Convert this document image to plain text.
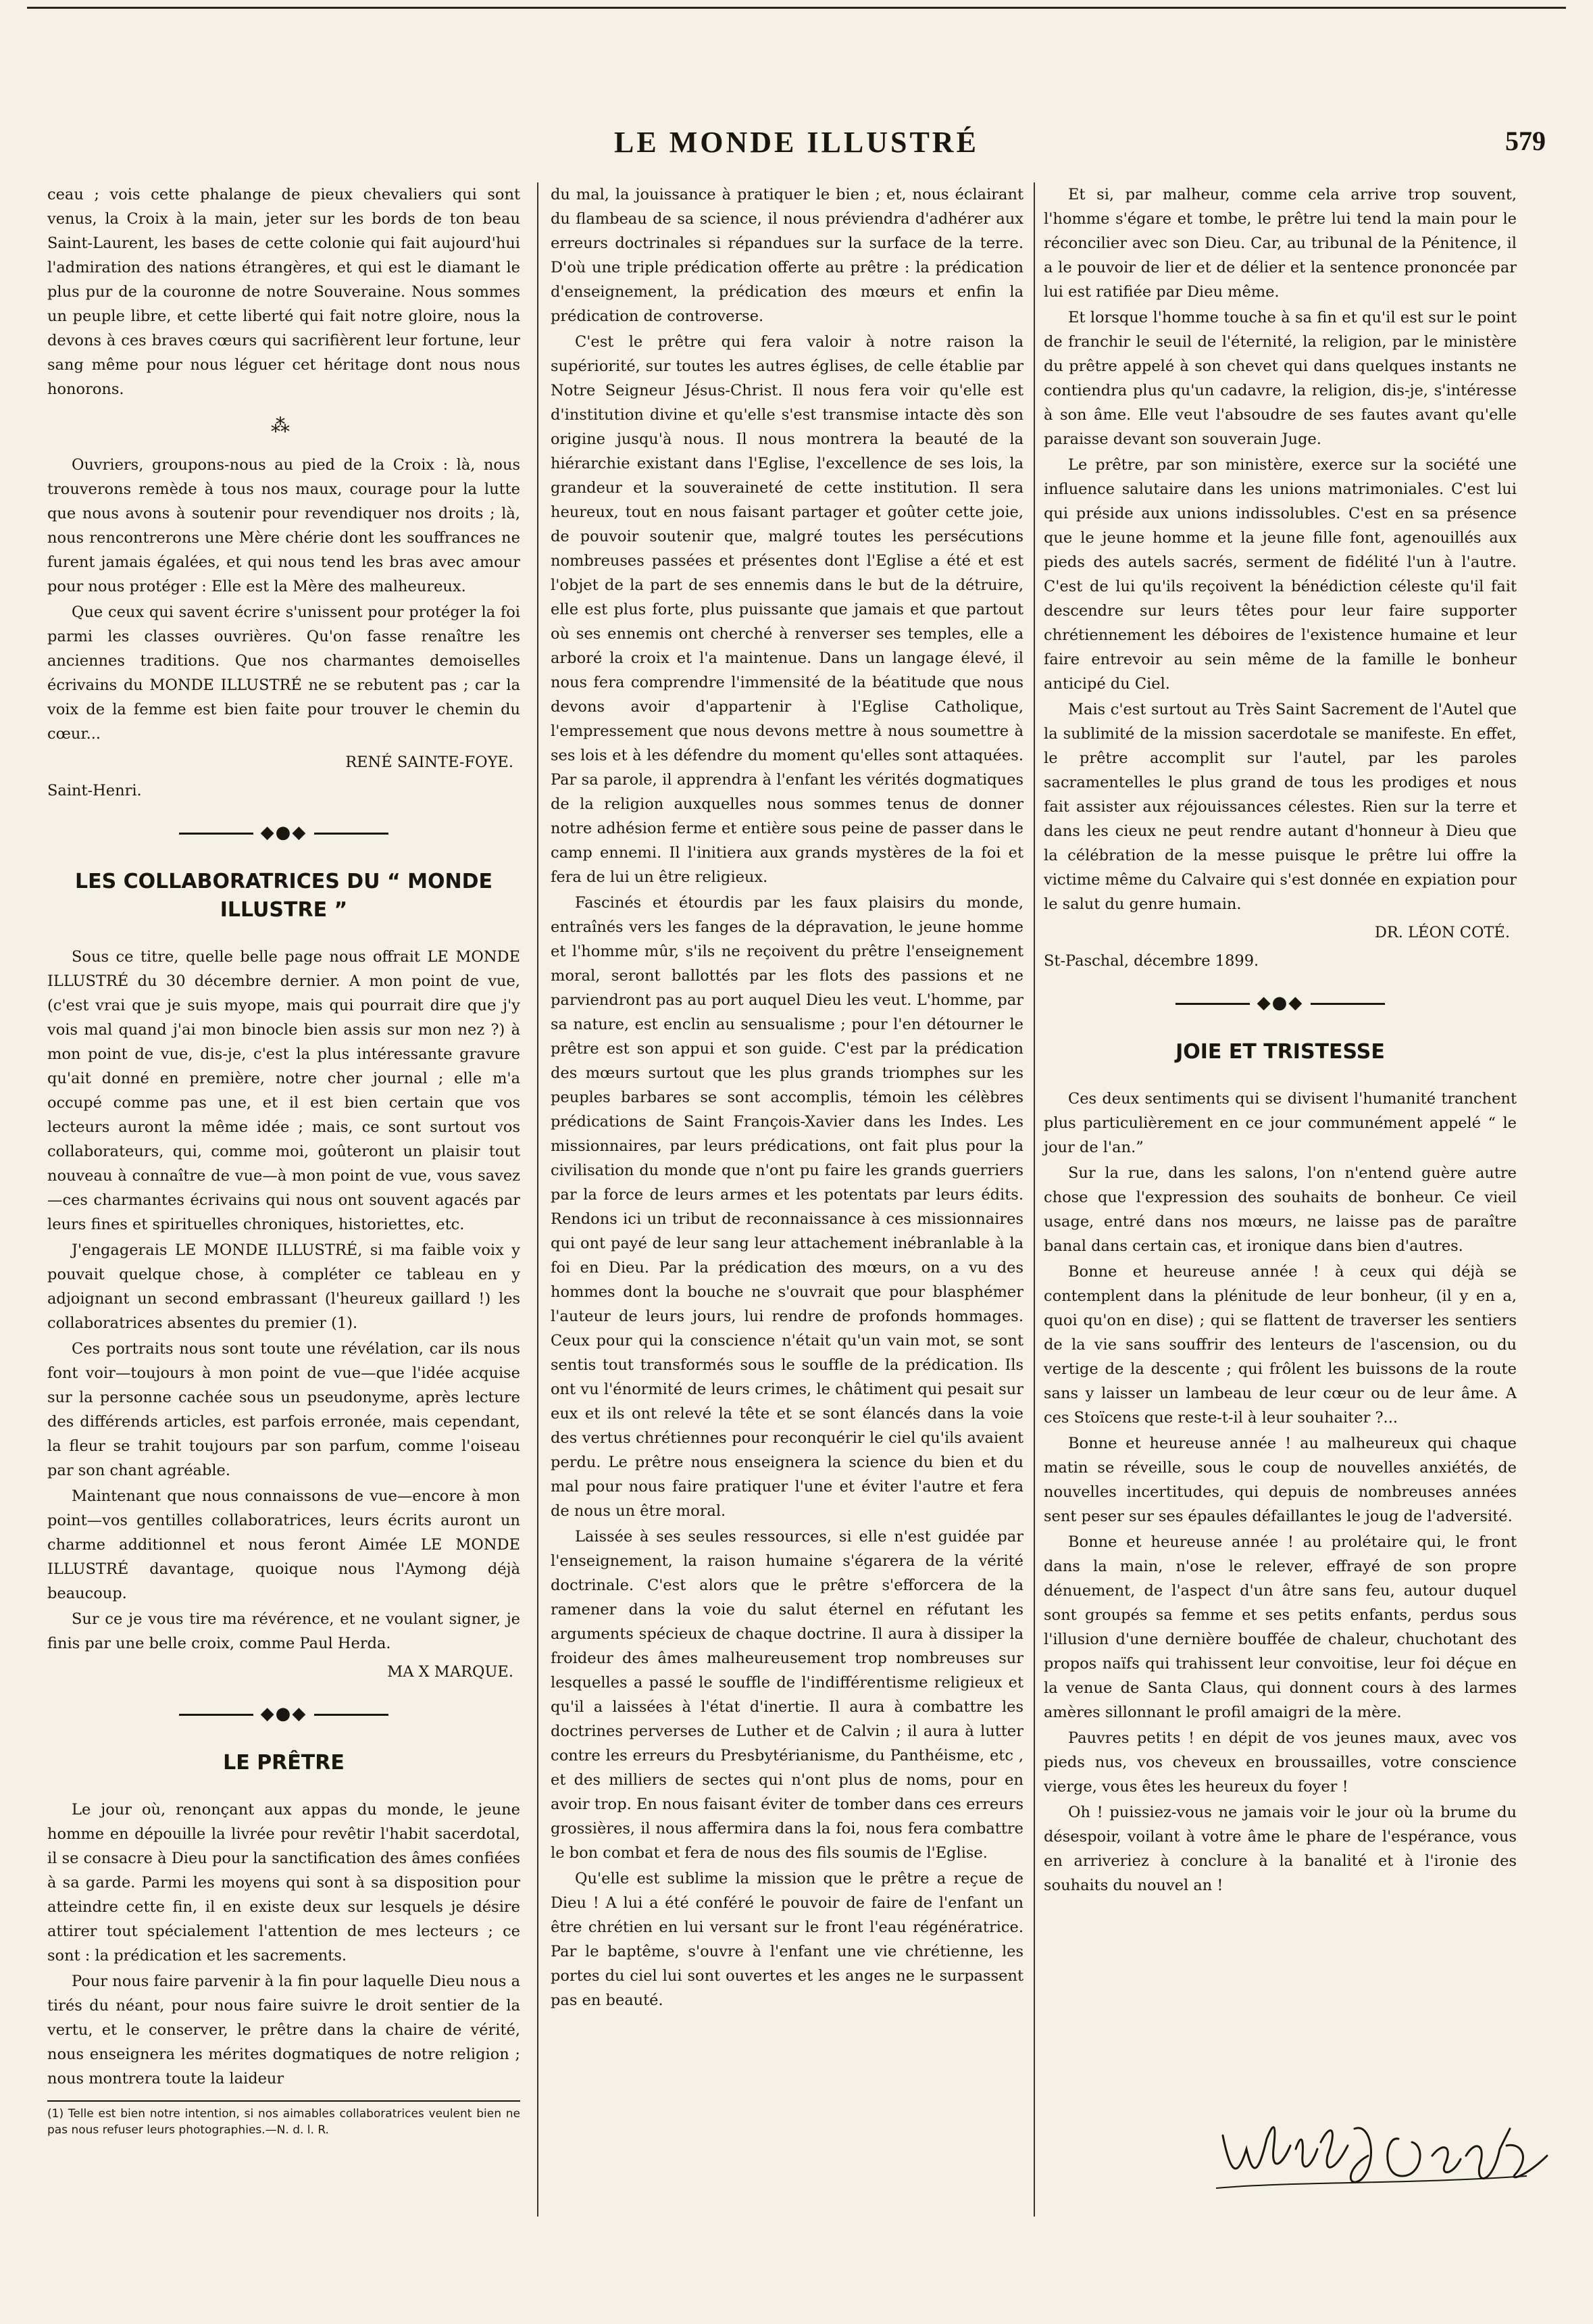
LE MONDE ILLUSTRÉ	579

ceau ; vois cette phalange de pieux chevaliers qui sont venus, la Croix à la main, jeter sur les bords de ton beau Saint-Laurent, les bases de cette colonie qui fait aujourd'hui l'admiration des nations étrangères, et qui est le diamant le plus pur de la couronne de notre Souveraine. Nous sommes un peuple libre, et cette liberté qui fait notre gloire, nous la devons à ces braves cœurs qui sacrifièrent leur fortune, leur sang même pour nous léguer cet héritage dont nous nous honorons.

⁂

Ouvriers, groupons-nous au pied de la Croix : là, nous trouverons remède à tous nos maux, courage pour la lutte que nous avons à soutenir pour revendiquer nos droits ; là, nous rencontrerons une Mère chérie dont les souffrances ne furent jamais égalées, et qui nous tend les bras avec amour pour nous protéger : Elle est la Mère des malheureux.

Que ceux qui savent écrire s'unissent pour protéger la foi parmi les classes ouvrières. Qu'on fasse renaître les anciennes traditions. Que nos charmantes demoiselles écrivains du MONDE ILLUSTRÉ ne se rebutent pas ; car la voix de la femme est bien faite pour trouver le chemin du cœur...

RENÉ SAINTE-FOYE.

Saint-Henri.

◆●◆
LES COLLABORATRICES DU “ MONDE ILLUSTRE ”

Sous ce titre, quelle belle page nous offrait LE MONDE ILLUSTRÉ du 30 décembre dernier. A mon point de vue, (c'est vrai que je suis myope, mais qui pourrait dire que j'y vois mal quand j'ai mon binocle bien assis sur mon nez ?) à mon point de vue, dis-je, c'est la plus intéressante gravure qu'ait donné en première, notre cher journal ; elle m'a occupé comme pas une, et il est bien certain que vos lecteurs auront la même idée ; mais, ce sont surtout vos collaborateurs, qui, comme moi, goûteront un plaisir tout nouveau à connaître de vue—à mon point de vue, vous savez—ces charmantes écrivains qui nous ont souvent agacés par leurs fines et spirituelles chroniques, historiettes, etc.

J'engagerais LE MONDE ILLUSTRÉ, si ma faible voix y pouvait quelque chose, à compléter ce tableau en y adjoignant un second embrassant (l'heureux gaillard !) les collaboratrices absentes du premier (1).

Ces portraits nous sont toute une révélation, car ils nous font voir—toujours à mon point de vue—que l'idée acquise sur la personne cachée sous un pseudonyme, après lecture des différends articles, est parfois erronée, mais cependant, la fleur se trahit toujours par son parfum, comme l'oiseau par son chant agréable.

Maintenant que nous connaissons de vue—encore à mon point—vos gentilles collaboratrices, leurs écrits auront un charme additionnel et nous feront Aimée LE MONDE ILLUSTRÉ davantage, quoique nous l'Aymong déjà beaucoup.

Sur ce je vous tire ma révérence, et ne voulant signer, je finis par une belle croix, comme Paul Herda.

MA X MARQUE.
◆●◆
LE PRÊTRE

Le jour où, renonçant aux appas du monde, le jeune homme en dépouille la livrée pour revêtir l'habit sacerdotal, il se consacre à Dieu pour la sanctification des âmes confiées à sa garde. Parmi les moyens qui sont à sa disposition pour atteindre cette fin, il en existe deux sur lesquels je désire attirer tout spécialement l'attention de mes lecteurs ; ce sont : la prédication et les sacrements.

Pour nous faire parvenir à la fin pour laquelle Dieu nous a tirés du néant, pour nous faire suivre le droit sentier de la vertu, et le conserver, le prêtre dans la chaire de vérité, nous enseignera les mérites dogmatiques de notre religion ; nous montrera toute la laideur

(1) Telle est bien notre intention, si nos aimables collaboratrices veulent bien ne pas nous refuser leurs photographies.—N. d. l. R.

du mal, la jouissance à pratiquer le bien ; et, nous éclairant du flambeau de sa science, il nous préviendra d'adhérer aux erreurs doctrinales si répandues sur la surface de la terre. D'où une triple prédication offerte au prêtre : la prédication d'enseignement, la prédication des mœurs et enfin la prédication de controverse.

C'est le prêtre qui fera valoir à notre raison la supériorité, sur toutes les autres églises, de celle établie par Notre Seigneur Jésus-Christ. Il nous fera voir qu'elle est d'institution divine et qu'elle s'est transmise intacte dès son origine jusqu'à nous. Il nous montrera la beauté de la hiérarchie existant dans l'Eglise, l'excellence de ses lois, la grandeur et la souveraineté de cette institution. Il sera heureux, tout en nous faisant partager et goûter cette joie, de pouvoir soutenir que, malgré toutes les persécutions nombreuses passées et présentes dont l'Eglise a été et est l'objet de la part de ses ennemis dans le but de la détruire, elle est plus forte, plus puissante que jamais et que partout où ses ennemis ont cherché à renverser ses temples, elle a arboré la croix et l'a maintenue. Dans un langage élevé, il nous fera comprendre l'immensité de la béatitude que nous devons avoir d'appartenir à l'Eglise Catholique, l'empressement que nous devons mettre à nous soumettre à ses lois et à les défendre du moment qu'elles sont attaquées. Par sa parole, il apprendra à l'enfant les vérités dogmatiques de la religion auxquelles nous sommes tenus de donner notre adhésion ferme et entière sous peine de passer dans le camp ennemi. Il l'initiera aux grands mystères de la foi et fera de lui un être religieux.

Fascinés et étourdis par les faux plaisirs du monde, entraînés vers les fanges de la dépravation, le jeune homme et l'homme mûr, s'ils ne reçoivent du prêtre l'enseignement moral, seront ballottés par les flots des passions et ne parviendront pas au port auquel Dieu les veut. L'homme, par sa nature, est enclin au sensualisme ; pour l'en détourner le prêtre est son appui et son guide. C'est par la prédication des mœurs surtout que les plus grands triomphes sur les peuples barbares se sont accomplis, témoin les célèbres prédications de Saint François-Xavier dans les Indes. Les missionnaires, par leurs prédications, ont fait plus pour la civilisation du monde que n'ont pu faire les grands guerriers par la force de leurs armes et les potentats par leurs édits. Rendons ici un tribut de reconnaissance à ces missionnaires qui ont payé de leur sang leur attachement inébranlable à la foi en Dieu. Par la prédication des mœurs, on a vu des hommes dont la bouche ne s'ouvrait que pour blasphémer l'auteur de leurs jours, lui rendre de profonds hommages. Ceux pour qui la conscience n'était qu'un vain mot, se sont sentis tout transformés sous le souffle de la prédication. Ils ont vu l'énormité de leurs crimes, le châtiment qui pesait sur eux et ils ont relevé la tête et se sont élancés dans la voie des vertus chrétiennes pour reconquérir le ciel qu'ils avaient perdu. Le prêtre nous enseignera la science du bien et du mal pour nous faire pratiquer l'une et éviter l'autre et fera de nous un être moral.

Laissée à ses seules ressources, si elle n'est guidée par l'enseignement, la raison humaine s'égarera de la vérité doctrinale. C'est alors que le prêtre s'efforcera de la ramener dans la voie du salut éternel en réfutant les arguments spécieux de chaque doctrine. Il aura à dissiper la froideur des âmes malheureusement trop nombreuses sur lesquelles a passé le souffle de l'indifférentisme religieux et qu'il a laissées à l'état d'inertie. Il aura à combattre les doctrines perverses de Luther et de Calvin ; il aura à lutter contre les erreurs du Presbytérianisme, du Panthéisme, etc , et des milliers de sectes qui n'ont plus de noms, pour en avoir trop. En nous faisant éviter de tomber dans ces erreurs grossières, il nous affermira dans la foi, nous fera combattre le bon combat et fera de nous des fils soumis de l'Eglise.

Qu'elle est sublime la mission que le prêtre a reçue de Dieu ! A lui a été conféré le pouvoir de faire de l'enfant un être chrétien en lui versant sur le front l'eau régénératrice. Par le baptême, s'ouvre à l'enfant une vie chrétienne, les portes du ciel lui sont ouvertes et les anges ne le surpassent pas en beauté.

Et si, par malheur, comme cela arrive trop souvent, l'homme s'égare et tombe, le prêtre lui tend la main pour le réconcilier avec son Dieu. Car, au tribunal de la Pénitence, il a le pouvoir de lier et de délier et la sentence prononcée par lui est ratifiée par Dieu même.

Et lorsque l'homme touche à sa fin et qu'il est sur le point de franchir le seuil de l'éternité, la religion, par le ministère du prêtre appelé à son chevet qui dans quelques instants ne contiendra plus qu'un cadavre, la religion, dis-je, s'intéresse à son âme. Elle veut l'absoudre de ses fautes avant qu'elle paraisse devant son souverain Juge.

Le prêtre, par son ministère, exerce sur la société une influence salutaire dans les unions matrimoniales. C'est lui qui préside aux unions indissolubles. C'est en sa présence que le jeune homme et la jeune fille font, agenouillés aux pieds des autels sacrés, serment de fidélité l'un à l'autre. C'est de lui qu'ils reçoivent la bénédiction céleste qu'il fait descendre sur leurs têtes pour leur faire supporter chrétiennement les déboires de l'existence humaine et leur faire entrevoir au sein même de la famille le bonheur anticipé du Ciel.

Mais c'est surtout au Très Saint Sacrement de l'Autel que la sublimité de la mission sacerdotale se manifeste. En effet, le prêtre accomplit sur l'autel, par les paroles sacramentelles le plus grand de tous les prodiges et nous fait assister aux réjouissances célestes. Rien sur la terre et dans les cieux ne peut rendre autant d'honneur à Dieu que la célébration de la messe puisque le prêtre lui offre la victime même du Calvaire qui s'est donnée en expiation pour le salut du genre humain.

DR. LÉON COTÉ.

St-Paschal, décembre 1899.

◆●◆
JOIE ET TRISTESSE

Ces deux sentiments qui se divisent l'humanité tranchent plus particulièrement en ce jour communément appelé “ le jour de l'an.”

Sur la rue, dans les salons, l'on n'entend guère autre chose que l'expression des souhaits de bonheur. Ce vieil usage, entré dans nos mœurs, ne laisse pas de paraître banal dans certain cas, et ironique dans bien d'autres.

Bonne et heureuse année ! à ceux qui déjà se contemplent dans la plénitude de leur bonheur, (il y en a, quoi qu'on en dise) ; qui se flattent de traverser les sentiers de la vie sans souffrir des lenteurs de l'ascension, ou du vertige de la descente ; qui frôlent les buissons de la route sans y laisser un lambeau de leur cœur ou de leur âme. A ces Stoïcens que reste-t-il à leur souhaiter ?...

Bonne et heureuse année ! au malheureux qui chaque matin se réveille, sous le coup de nouvelles anxiétés, de nouvelles incertitudes, qui depuis de nombreuses années sent peser sur ses épaules défaillantes le joug de l'adversité.

Bonne et heureuse année ! au prolétaire qui, le front dans la main, n'ose le relever, effrayé de son propre dénuement, de l'aspect d'un âtre sans feu, autour duquel sont groupés sa femme et ses petits enfants, perdus sous l'illusion d'une dernière bouffée de chaleur, chuchotant des propos naïfs qui trahissent leur convoitise, leur foi déçue en la venue de Santa Claus, qui donnent cours à des larmes amères sillonnant le profil amaigri de la mère.

Pauvres petits ! en dépit de vos jeunes maux, avec vos pieds nus, vos cheveux en broussailles, votre conscience vierge, vous êtes les heureux du foyer !

Oh ! puissiez-vous ne jamais voir le jour où la brume du désespoir, voilant à votre âme le phare de l'espérance, vous en arriveriez à conclure à la banalité et à l'ironie des souhaits du nouvel an !
